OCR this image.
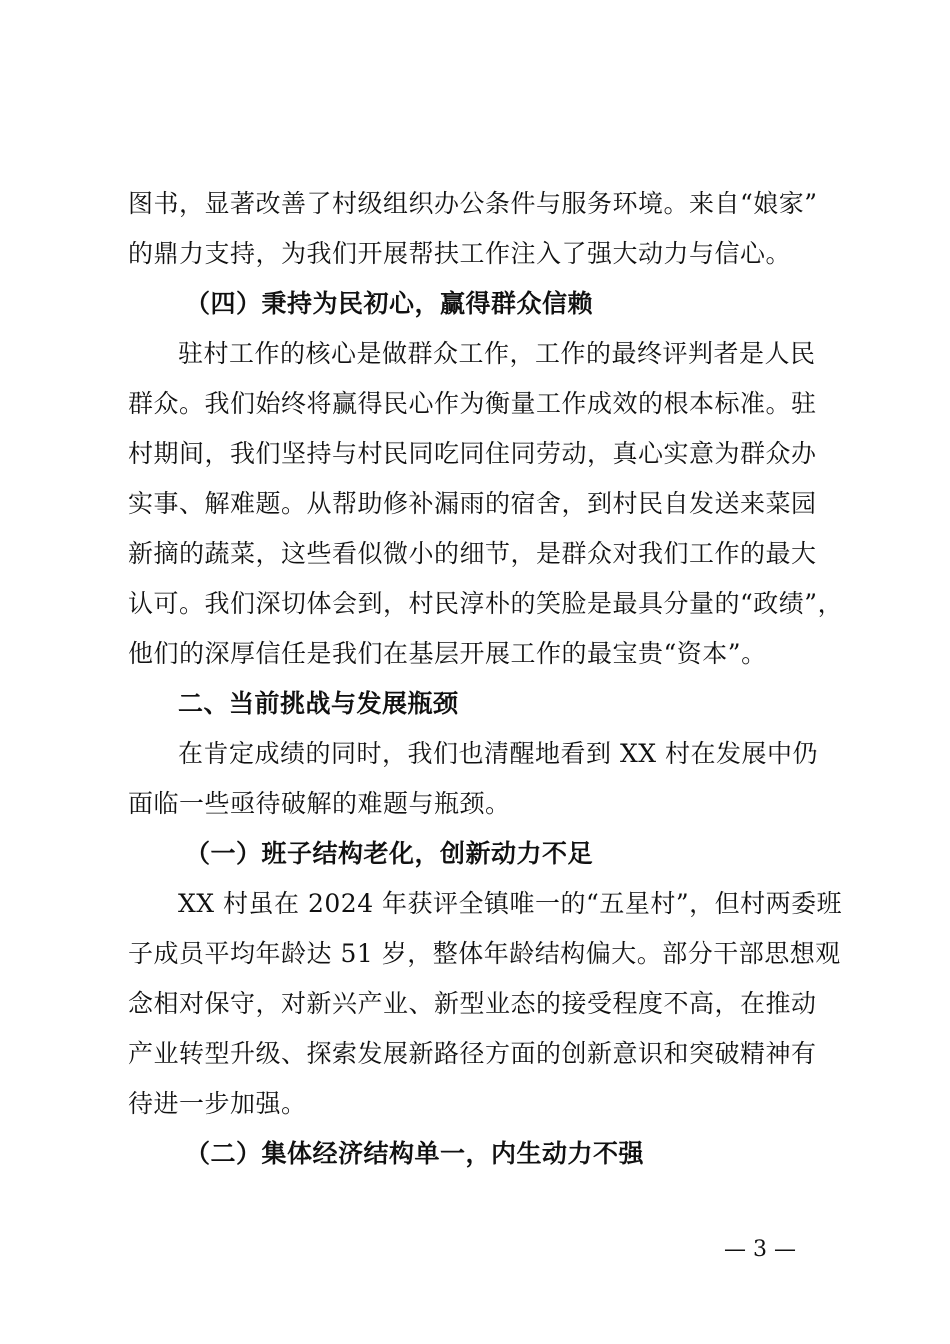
图书，显著改善了村级组织办公条件与服务环境。来自“娘家”
的鼎力支持，为我们开展帮扶工作注入了强大动力与信心。
（四）秉持为民初心，赢得群众信赖
驻村工作的核心是做群众工作，工作的最终评判者是人民
群众。我们始终将赢得民心作为衡量工作成效的根本标准。驻
村期间，我们坚持与村民同吃同住同劳动，真心实意为群众办
实事、解难题。从帮助修补漏雨的宿舍，到村民自发送来菜园
新摘的蔬菜，这些看似微小的细节，是群众对我们工作的最大
认可。我们深切体会到，村民淳朴的笑脸是最具分量的“政绩”，
他们的深厚信任是我们在基层开展工作的最宝贵“资本”。
二、当前挑战与发展瓶颈
在肯定成绩的同时，我们也清醒地看到 XX 村在发展中仍
面临一些亟待破解的难题与瓶颈。
（一）班子结构老化，创新动力不足
XX 村虽在 2024 年获评全镇唯一的“五星村”，但村两委班
子成员平均年龄达 51 岁，整体年龄结构偏大。部分干部思想观
念相对保守，对新兴产业、新型业态的接受程度不高，在推动
产业转型升级、探索发展新路径方面的创新意识和突破精神有
待进一步加强。
（二）集体经济结构单一，内生动力不强
— 3 —
